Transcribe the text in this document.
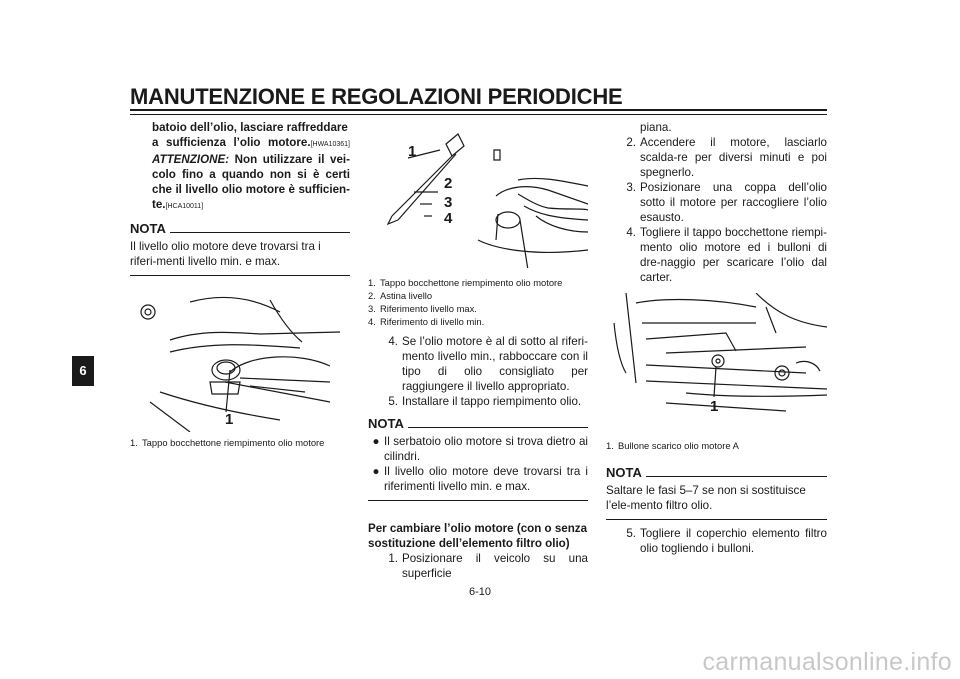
MANUTENZIONE E REGOLAZIONI PERIODICHE
6
batoio dell’olio, lasciare raffreddare
a sufficienza l’olio motore.[HWA10361] ATTENZIONE: Non utilizzare il vei-colo fino a quando non si è certi che il livello olio motore è sufficien-te.[HCA10011]
NOTA
Il livello olio motore deve trovarsi tra i riferi-menti livello min. e max.
1
1. Tappo bocchettone riempimento olio motore
1
2
3
4
1. Tappo bocchettone riempimento olio motore
2. Astina livello
3. Riferimento livello max.
4. Riferimento di livello min.
4. Se l’olio motore è al di sotto al riferi-mento livello min., rabboccare con il tipo di olio consigliato per raggiungere il livello appropriato.
5. Installare il tappo riempimento olio.
NOTA
● Il serbatoio olio motore si trova dietro ai cilindri.
● Il livello olio motore deve trovarsi tra i riferimenti livello min. e max.
Per cambiare l’olio motore (con o senza sostituzione dell’elemento filtro olio)
1. Posizionare il veicolo su una superficie
piana.
2. Accendere il motore, lasciarlo scalda-re per diversi minuti e poi spegnerlo.
3. Posizionare una coppa dell’olio sotto il motore per raccogliere l’olio esausto.
4. Togliere il tappo bocchettone riempi-mento olio motore ed i bulloni di dre-naggio per scaricare l’olio dal carter.
1
1. Bullone scarico olio motore A
NOTA
Saltare le fasi 5–7 se non si sostituisce l’ele-mento filtro olio.
5. Togliere il coperchio elemento filtro olio togliendo i bulloni.
6-10
carmanualsonline.info
